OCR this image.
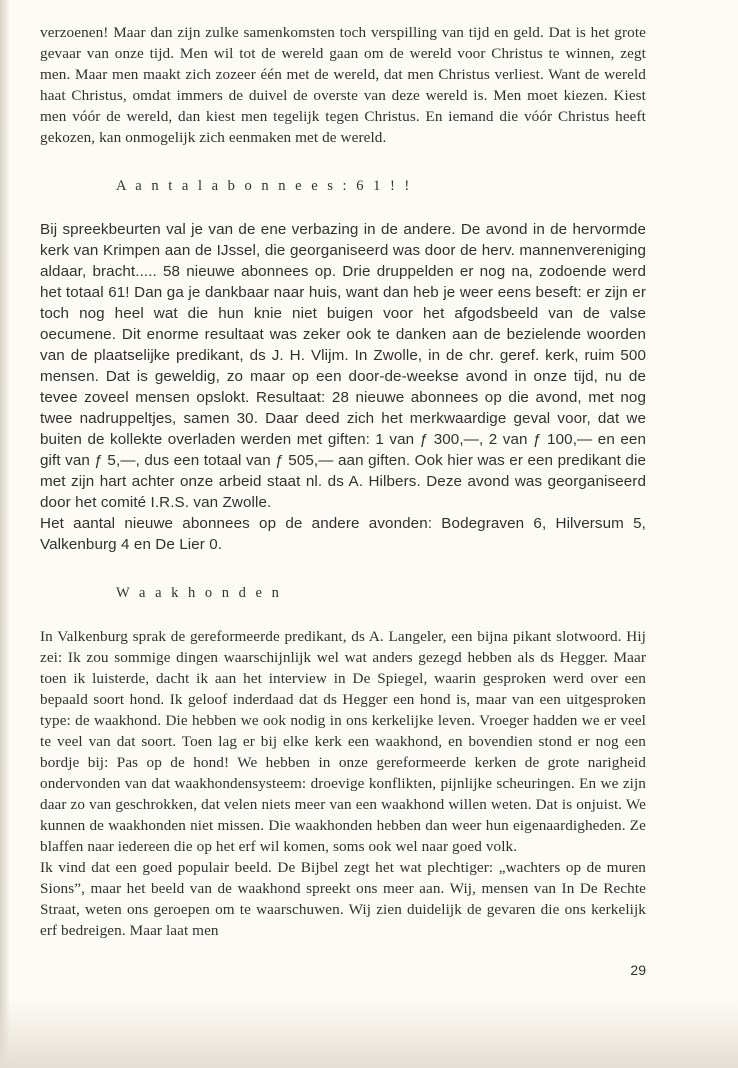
verzoenen! Maar dan zijn zulke samenkomsten toch verspilling van tijd en geld. Dat is het grote gevaar van onze tijd. Men wil tot de wereld gaan om de wereld voor Christus te winnen, zegt men. Maar men maakt zich zozeer één met de wereld, dat men Christus verliest. Want de wereld haat Christus, omdat immers de duivel de overste van deze wereld is. Men moet kiezen. Kiest men vóór de wereld, dan kiest men tegelijk tegen Christus. En iemand die vóór Christus heeft gekozen, kan onmogelijk zich eenmaken met de wereld.

A a n t a l a b o n n e e s : 6 1 ! !

Bij spreekbeurten val je van de ene verbazing in de andere. De avond in de hervormde kerk van Krimpen aan de IJssel, die georganiseerd was door de herv. mannenvereniging aldaar, bracht..... 58 nieuwe abonnees op. Drie druppelden er nog na, zodoende werd het totaal 61! Dan ga je dankbaar naar huis, want dan heb je weer eens beseft: er zijn er toch nog heel wat die hun knie niet buigen voor het afgodsbeeld van de valse oecumene. Dit enorme resultaat was zeker ook te danken aan de bezielende woorden van de plaatselijke predikant, ds J. H. Vlijm. In Zwolle, in de chr. geref. kerk, ruim 500 mensen. Dat is geweldig, zo maar op een door-de-weekse avond in onze tijd, nu de tevee zoveel mensen opslokt. Resultaat: 28 nieuwe abonnees op die avond, met nog twee nadruppeltjes, samen 30. Daar deed zich het merkwaardige geval voor, dat we buiten de kollekte overladen werden met giften: 1 van ƒ 300,—, 2 van ƒ 100,— en een gift van ƒ 5,—, dus een totaal van ƒ 505,— aan giften. Ook hier was er een predikant die met zijn hart achter onze arbeid staat nl. ds A. Hilbers. Deze avond was georganiseerd door het comité I.R.S. van Zwolle.

Het aantal nieuwe abonnees op de andere avonden: Bodegraven 6, Hilversum 5, Valkenburg 4 en De Lier 0.

W a a k h o n d e n

In Valkenburg sprak de gereformeerde predikant, ds A. Langeler, een bijna pikant slotwoord. Hij zei: Ik zou sommige dingen waarschijnlijk wel wat anders gezegd hebben als ds Hegger. Maar toen ik luisterde, dacht ik aan het interview in De Spiegel, waarin gesproken werd over een bepaald soort hond. Ik geloof inderdaad dat ds Hegger een hond is, maar van een uitgesproken type: de waakhond. Die hebben we ook nodig in ons kerkelijke leven. Vroeger hadden we er veel te veel van dat soort. Toen lag er bij elke kerk een waakhond, en bovendien stond er nog een bordje bij: Pas op de hond! We hebben in onze gereformeerde kerken de grote narigheid ondervonden van dat waakhondensysteem: droevige konflikten, pijnlijke scheuringen. En we zijn daar zo van geschrokken, dat velen niets meer van een waakhond willen weten. Dat is onjuist. We kunnen de waakhonden niet missen. Die waakhonden hebben dan weer hun eigenaardigheden. Ze blaffen naar iedereen die op het erf wil komen, soms ook wel naar goed volk.

Ik vind dat een goed populair beeld. De Bijbel zegt het wat plechtiger: „wachters op de muren Sions”, maar het beeld van de waakhond spreekt ons meer aan. Wij, mensen van In De Rechte Straat, weten ons geroepen om te waarschuwen. Wij zien duidelijk de gevaren die ons kerkelijk erf bedreigen. Maar laat men

29
